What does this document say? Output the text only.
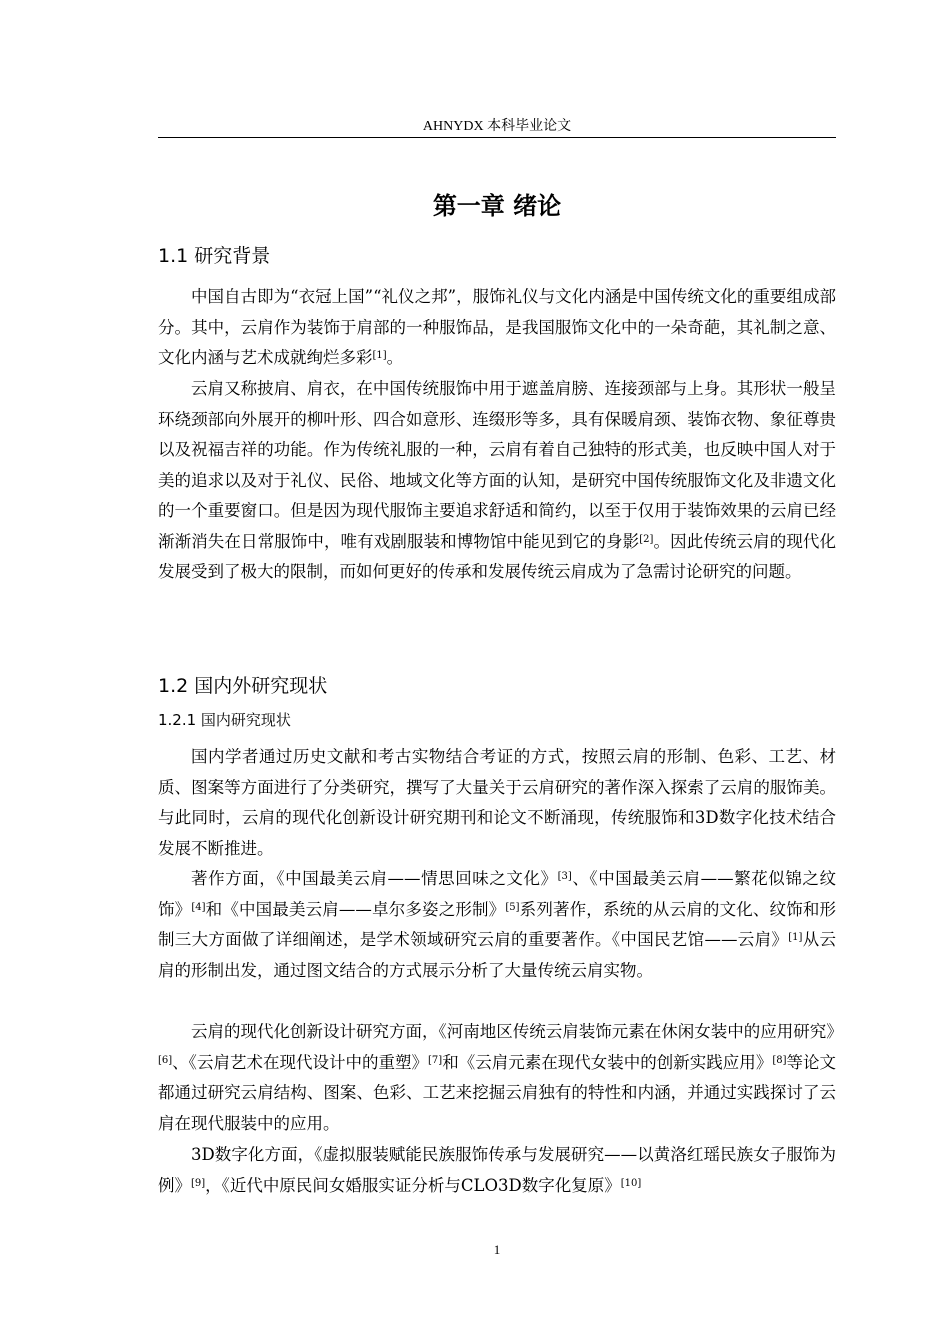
AHNYDX 本科毕业论文
第一章 绪论
1.1 研究背景

中国自古即为“衣冠上国”“礼仪之邦”，服饰礼仪与文化内涵是中国传统文化的重要组成部分。其中，云肩作为装饰于肩部的一种服饰品，是我国服饰文化中的一朵奇葩，其礼制之意、文化内涵与艺术成就绚烂多彩[1]。

云肩又称披肩、肩衣，在中国传统服饰中用于遮盖肩膀、连接颈部与上身。其形状一般呈环绕颈部向外展开的柳叶形、四合如意形、连缀形等多，具有保暖肩颈、装饰衣物、象征尊贵以及祝福吉祥的功能。作为传统礼服的一种，云肩有着自己独特的形式美，也反映中国人对于美的追求以及对于礼仪、民俗、地域文化等方面的认知，是研究中国传统服饰文化及非遗文化的一个重要窗口。但是因为现代服饰主要追求舒适和简约，以至于仅用于装饰效果的云肩已经渐渐消失在日常服饰中，唯有戏剧服装和博物馆中能见到它的身影[2]。因此传统云肩的现代化发展受到了极大的限制，而如何更好的传承和发展传统云肩成为了急需讨论研究的问题。

1.2 国内外研究现状
1.2.1 国内研究现状

国内学者通过历史文献和考古实物结合考证的方式，按照云肩的形制、色彩、工艺、材质、图案等方面进行了分类研究，撰写了大量关于云肩研究的著作深入探索了云肩的服饰美。与此同时，云肩的现代化创新设计研究期刊和论文不断涌现，传统服饰和3D数字化技术结合发展不断推进。

著作方面，《中国最美云肩——情思回味之文化》[3]、《中国最美云肩——繁花似锦之纹饰》[4]和《中国最美云肩——卓尔多姿之形制》[5]系列著作，系统的从云肩的文化、纹饰和形制三大方面做了详细阐述，是学术领域研究云肩的重要著作。《中国民艺馆——云肩》[1]从云肩的形制出发，通过图文结合的方式展示分析了大量传统云肩实物。

云肩的现代化创新设计研究方面，《河南地区传统云肩装饰元素在休闲女装中的应用研究》[6]、《云肩艺术在现代设计中的重塑》[7]和《云肩元素在现代女装中的创新实践应用》[8]等论文都通过研究云肩结构、图案、色彩、工艺来挖掘云肩独有的特性和内涵，并通过实践探讨了云肩在现代服装中的应用。

3D数字化方面，《虚拟服装赋能民族服饰传承与发展研究——以黄洛红瑶民族女子服饰为例》[9]，《近代中原民间女婚服实证分析与CLO3D数字化复原》[10]

1
